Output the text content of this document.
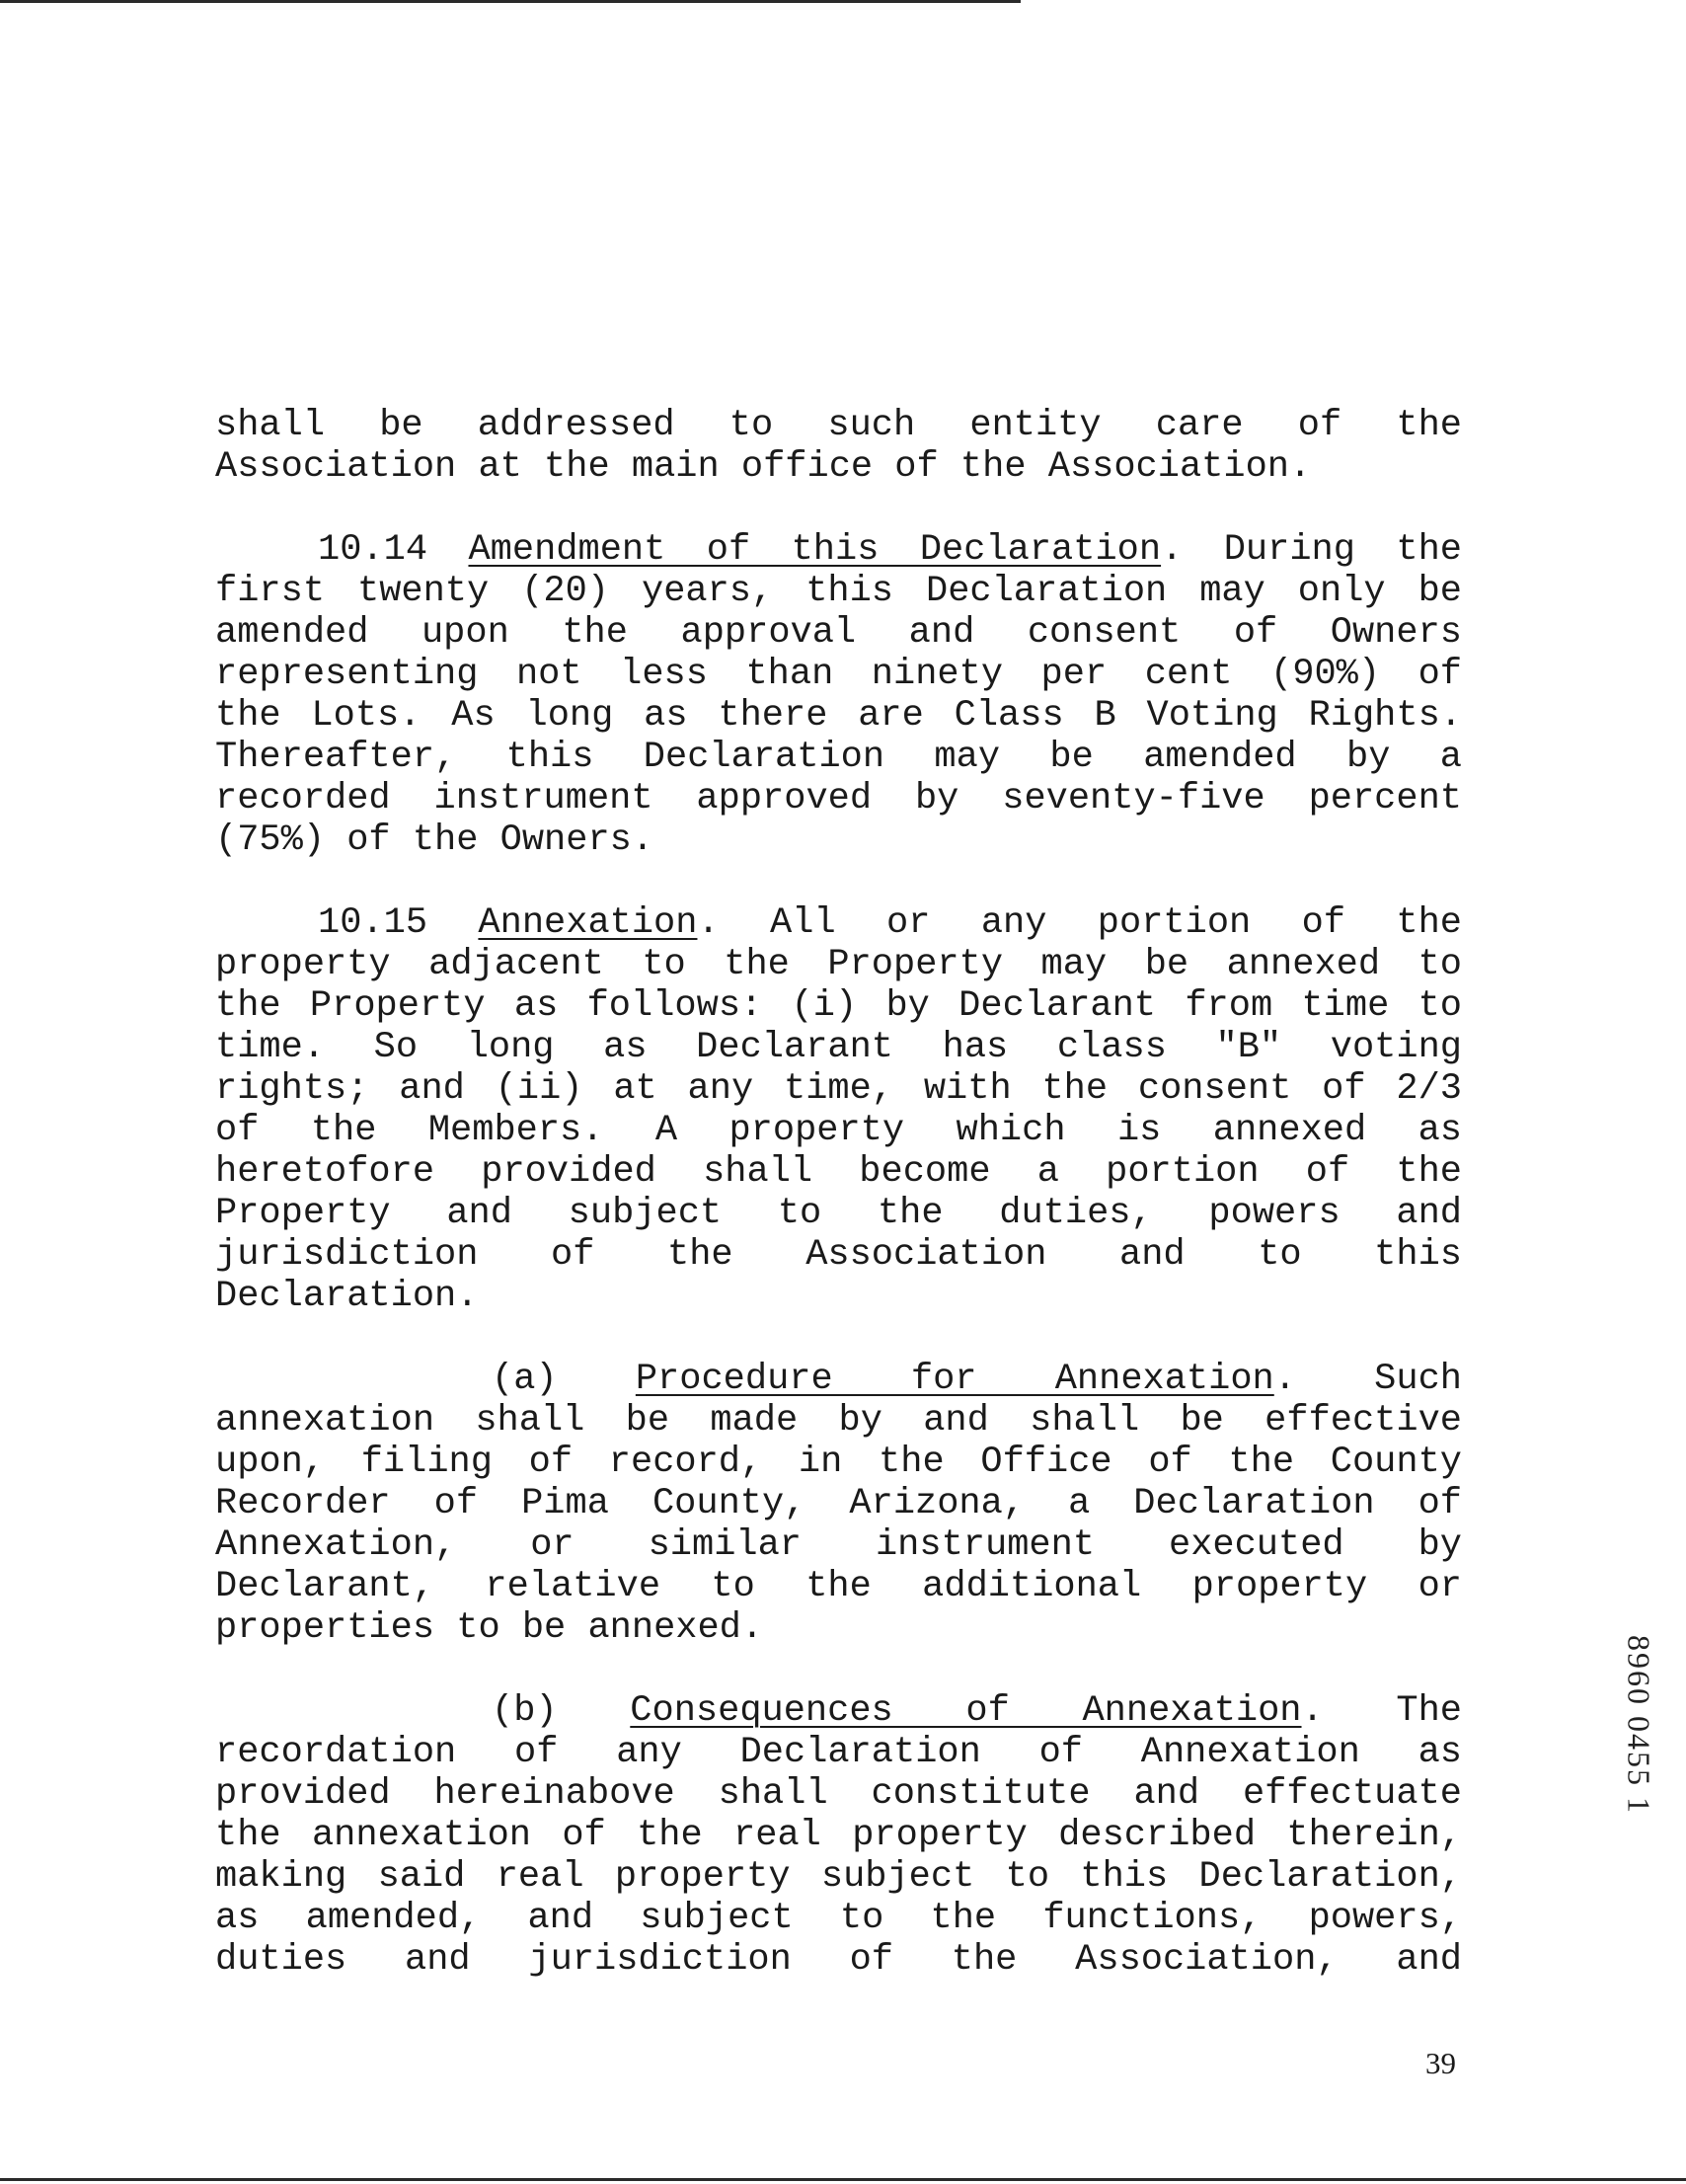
shall be addressed to such entity care of the
Association at the main office of the Association.
10.14 Amendment of this Declaration. During the
first twenty (20) years, this Declaration may only be
amended upon the approval and consent of Owners
representing not less than ninety per cent (90%) of
the Lots. As long as there are Class B Voting Rights.
Thereafter, this Declaration may be amended by a
recorded instrument approved by seventy-five percent
(75%) of the Owners.
10.15 Annexation. All or any portion of the
property adjacent to the Property may be annexed to
the Property as follows: (i) by Declarant from time to
time. So long as Declarant has class "B" voting
rights; and (ii) at any time, with the consent of 2/3
of the Members. A property which is annexed as
heretofore provided shall become a portion of the
Property and subject to the duties, powers and
jurisdiction of the Association and to this
Declaration.
(a) Procedure for Annexation. Such
annexation shall be made by and shall be effective
upon, filing of record, in the Office of the County
Recorder of Pima County, Arizona, a Declaration of
Annexation, or similar instrument executed by
Declarant, relative to the additional property or
properties to be annexed.
(b) Consequences of Annexation. The
recordation of any Declaration of Annexation as
provided hereinabove shall constitute and effectuate
the annexation of the real property described therein,
making said real property subject to this Declaration,
as amended, and subject to the functions, powers,
duties and jurisdiction of the Association, and
8960 0455 1
39
